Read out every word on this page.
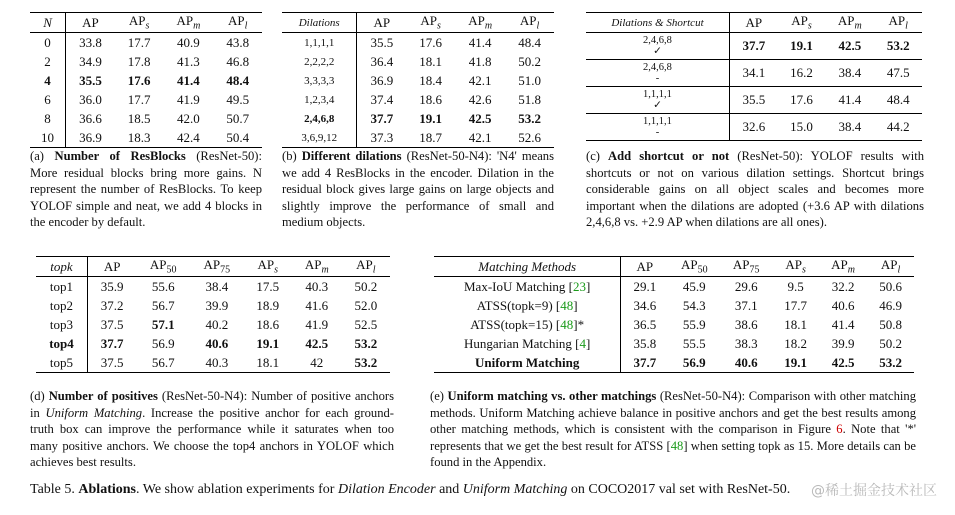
N	AP	$AP_s$	$AP_m$	$AP_l$
0	33.8	17.7	40.9	43.8
2	34.9	17.8	41.3	46.8
4	35.5	17.6	41.4	48.4
6	36.0	17.7	41.9	49.5
8	36.6	18.5	42.0	50.7
10	36.9	18.3	42.4	50.4
Dilations	AP	$AP_s$	$AP_m$	$AP_l$
1,1,1,1	35.5	17.6	41.4	48.4
2,2,2,2	36.4	18.1	41.8	50.2
3,3,3,3	36.9	18.4	42.1	51.0
1,2,3,4	37.4	18.6	42.6	51.8
2,4,6,8	37.7	19.1	42.5	53.2
3,6,9,12	37.3	18.7	42.1	52.6
Dilations & Shortcut	AP	$AP_s$	$AP_m$	$AP_l$

2,4,6,8
✓	37.7	19.1	42.5	53.2

2,4,6,8
-	34.1	16.2	38.4	47.5

1,1,1,1
✓	35.5	17.6	41.4	48.4

1,1,1,1
-	32.6	15.0	38.4	44.2
(a) Number of ResBlocks (ResNet-50): More residual blocks bring more gains. N represent the number of ResBlocks. To keep YOLOF simple and neat, we add 4 blocks in the encoder by default.
(b) Different dilations (ResNet-50-N4): 'N4' means we add 4 ResBlocks in the encoder. Dilation in the residual block gives large gains on large objects and slightly improve the performance of small and medium objects.
(c) Add shortcut or not (ResNet-50): YOLOF results with shortcuts or not on various dilation settings. Shortcut brings considerable gains on all object scales and becomes more important when the dilations are adopted (+3.6 AP with dilations 2,4,6,8 vs. +2.9 AP when dilations are all ones).
topk	AP	$AP_{50}$	$AP_{75}$	$AP_s$	$AP_m$	$AP_l$
top1	35.9	55.6	38.4	17.5	40.3	50.2
top2	37.2	56.7	39.9	18.9	41.6	52.0
top3	37.5	57.1	40.2	18.6	41.9	52.5
top4	37.7	56.9	40.6	19.1	42.5	53.2
top5	37.5	56.7	40.3	18.1	42	53.2
Matching Methods	AP	$AP_{50}$	$AP_{75}$	$AP_s$	$AP_m$	$AP_l$
Max-IoU Matching [23]	29.1	45.9	29.6	9.5	32.2	50.6
ATSS(topk=9) [48]	34.6	54.3	37.1	17.7	40.6	46.9
ATSS(topk=15) [48]*	36.5	55.9	38.6	18.1	41.4	50.8
Hungarian Matching [4]	35.8	55.5	38.3	18.2	39.9	50.2
Uniform Matching	37.7	56.9	40.6	19.1	42.5	53.2
(d) Number of positives (ResNet-50-N4): Number of positive anchors in Uniform Matching. Increase the positive anchor for each ground-truth box can improve the performance while it saturates when too many positive anchors. We choose the top4 anchors in YOLOF which achieves best results.
(e) Uniform matching vs. other matchings (ResNet-50-N4): Comparison with other matching methods. Uniform Matching achieve balance in positive anchors and get the best results among other matching methods, which is consistent with the comparison in Figure 6. Note that '*' represents that we get the best result for ATSS [48] when setting topk as 15. More details can be found in the Appendix.
Table 5. Ablations. We show ablation experiments for Dilation Encoder and Uniform Matching on COCO2017 val set with ResNet-50. @稀土掘金技术社区
